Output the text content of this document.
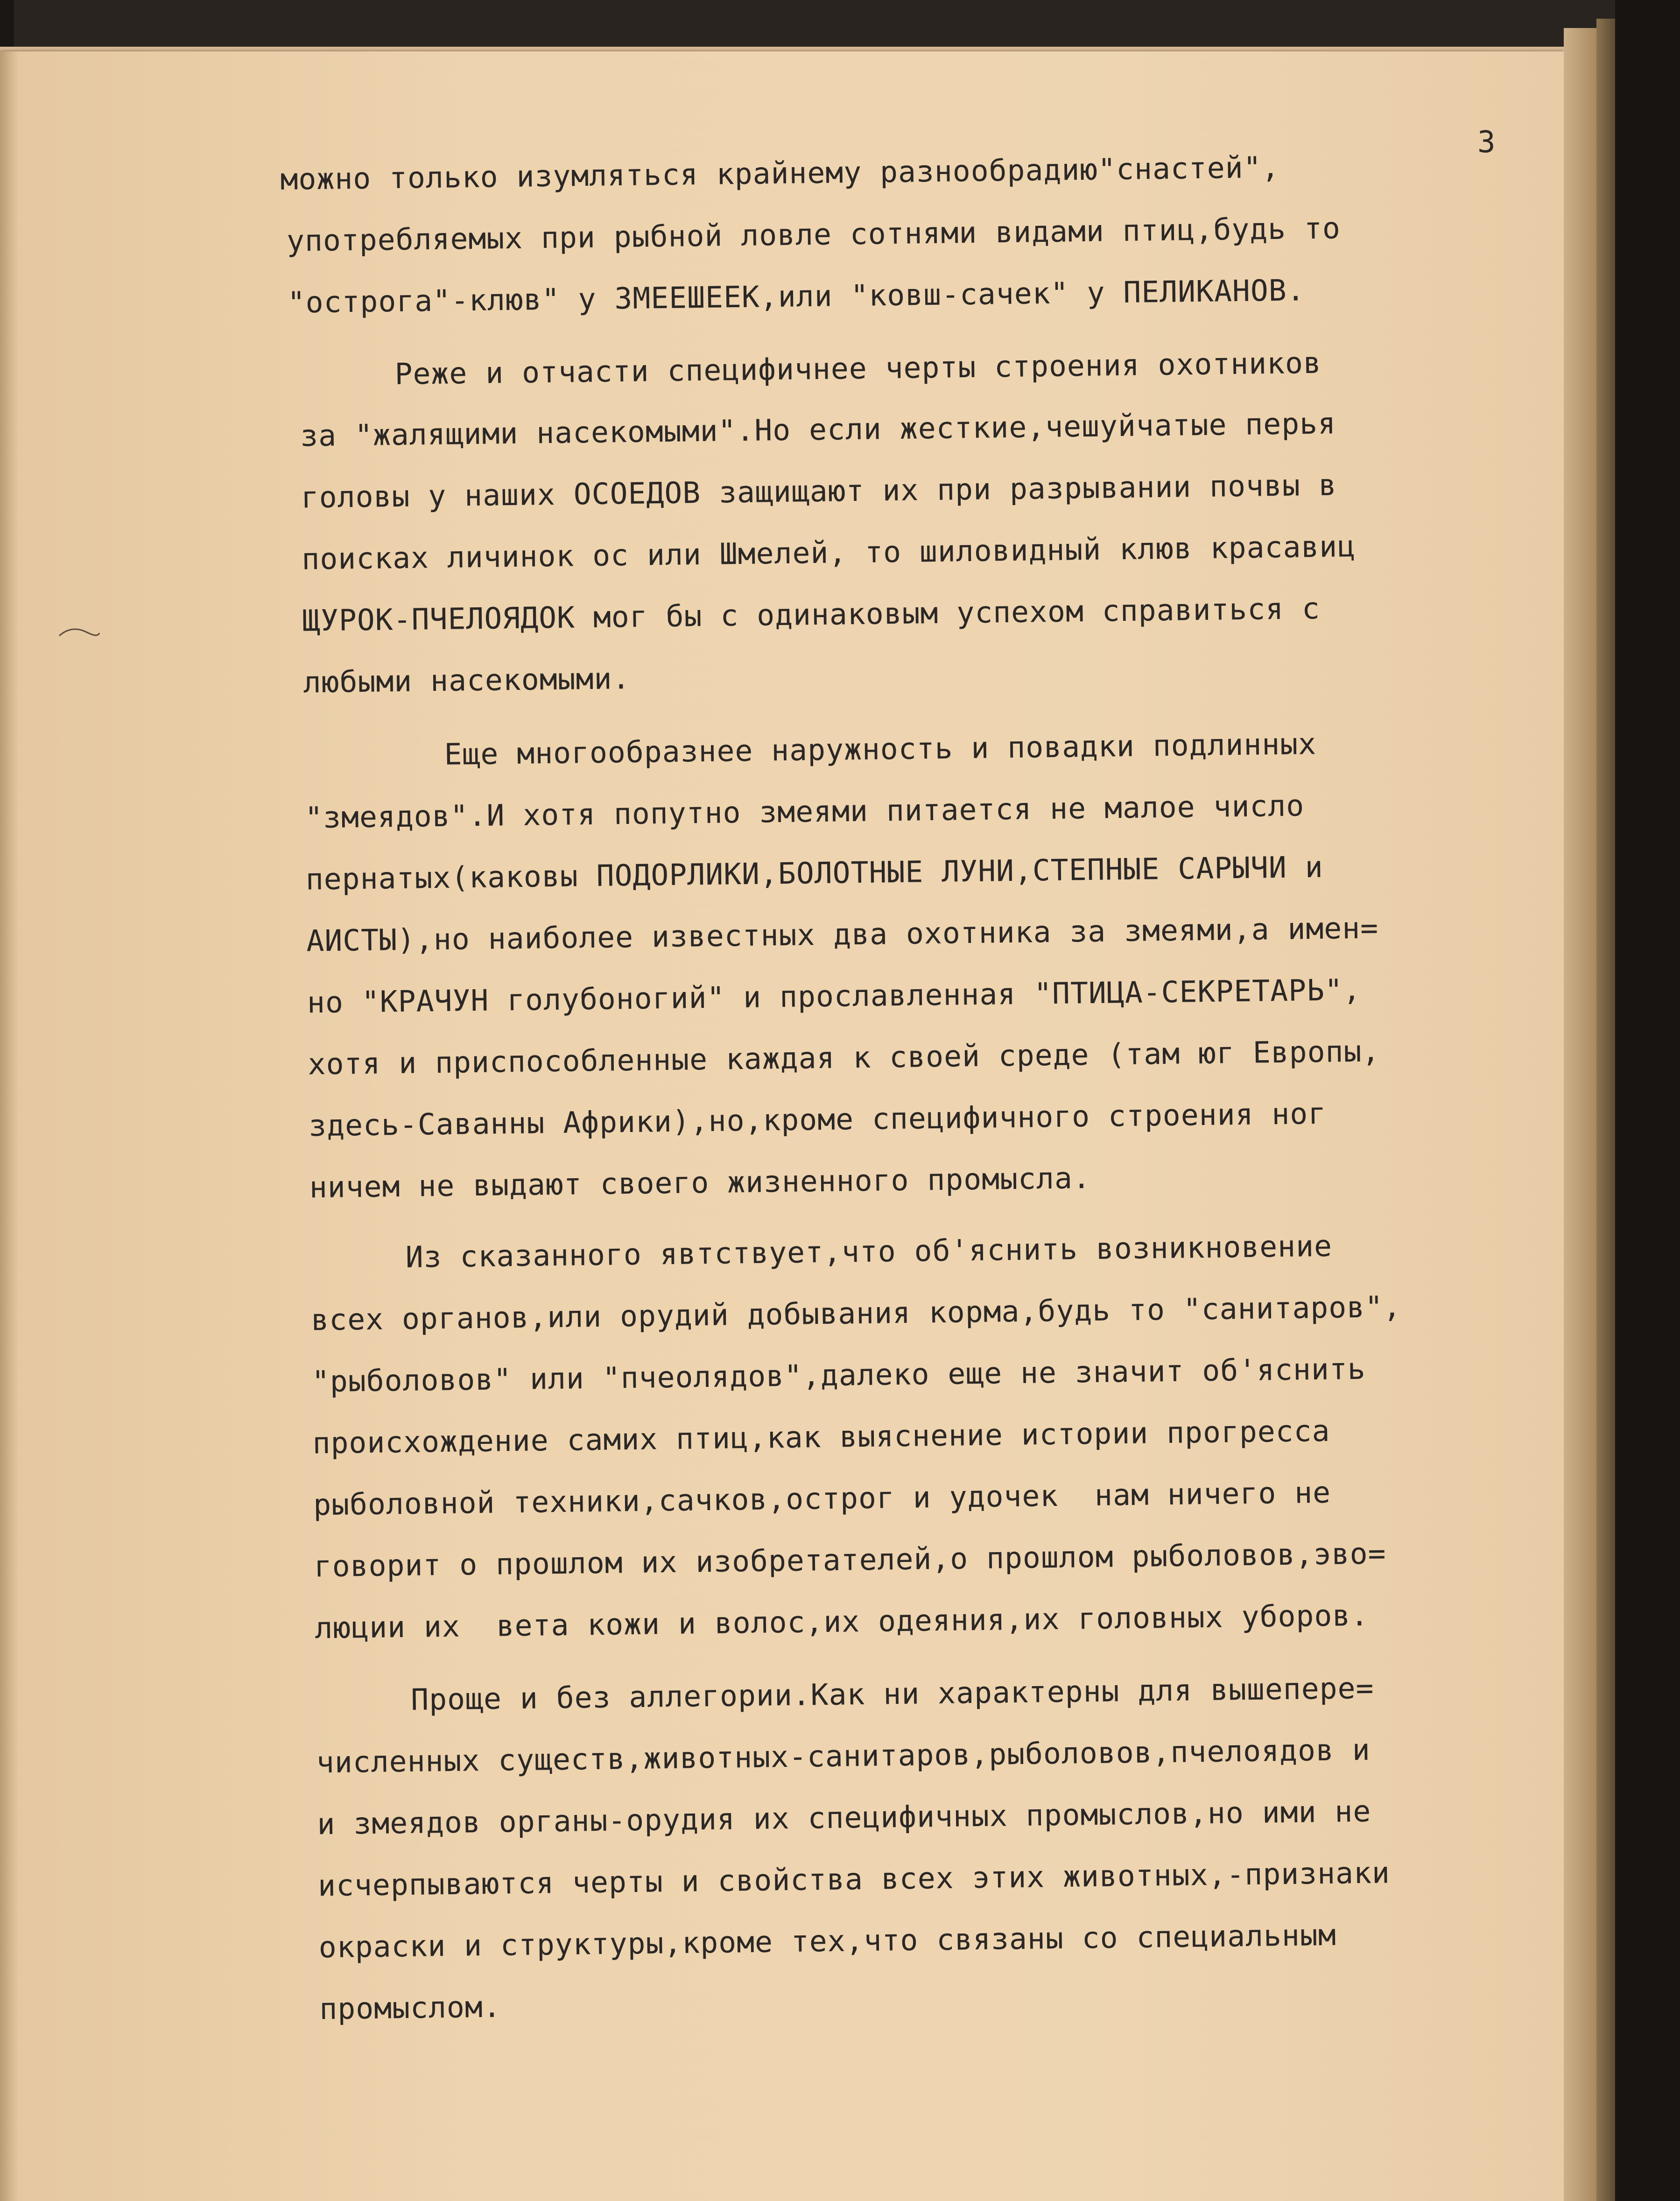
3
можно только изумляться крайнему разнообрадию"снастей",
употребляемых при рыбной ловле сотнями видами птиц,будь то
"острога"-клюв" у ЗМЕЕШЕЕК,или "ковш-сачек" у ПЕЛИКАНОВ.
Реже и отчасти специфичнее черты строения охотников
за "жалящими насекомыми".Но если жесткие,чешуйчатые перья
головы у наших ОСОЕДОВ защищают их при разрывании почвы в
поисках личинок ос или Шмелей, то шиловидный клюв красавиц
ЩУРОК-ПЧЕЛОЯДОК мог бы с одинаковым успехом справиться с
любыми насекомыми.
Еще многообразнее наружность и повадки подлинных
"змеядов".И хотя попутно змеями питается не малое число
пернатых(каковы ПОДОРЛИКИ,БОЛОТНЫЕ ЛУНИ,СТЕПНЫЕ САРЫЧИ и
АИСТЫ),но наиболее известных два охотника за змеями,а имен=
но "КРАЧУН голубоногий" и прославленная "ПТИЦА-СЕКРЕТАРЬ",
хотя и приспособленные каждая к своей среде (там юг Европы,
здесь-Саванны Африки),но,кроме специфичного строения ног
ничем не выдают своего жизненного промысла.
Из сказанного явтствует,что об'яснить возникновение
всех органов,или орудий добывания корма,будь то "санитаров",
"рыболовов" или "пчеолядов",далеко еще не значит об'яснить
происхождение самих птиц,как выяснение истории прогресса
рыболовной техники,сачков,острог и удочек  нам ничего не
говорит о прошлом их изобретателей,о прошлом рыболовов,эво=
люции их  вета кожи и волос,их одеяния,их головных уборов.
Проще и без аллегории.Как ни характерны для вышепере=
численных существ,животных-санитаров,рыболовов,пчелоядов и
и змеядов органы-орудия их специфичных промыслов,но ими не
исчерпываются черты и свойства всех этих животных,-признаки
окраски и структуры,кроме тех,что связаны со специальным
промыслом.
